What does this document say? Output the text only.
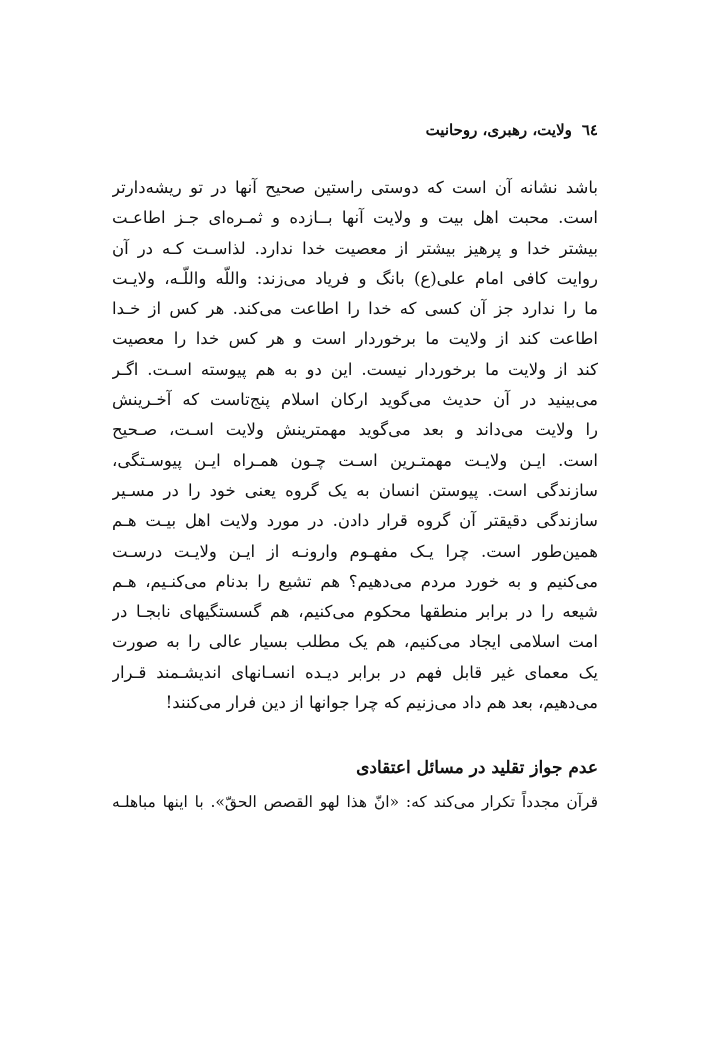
٦٤ولایت، رهبری، روحانیت
باشد نشانه آن است که دوستی راستین صحیح آنها در تو ریشه‌دارتر
است. محبت اهل بیت و ولایت آنها بــازده و ثمـره‌ای جـز اطاعـت
بیشتر خدا و پرهیز بیشتر از معصیت خدا ندارد. لذاسـت کـه در آن
روایت کافی امام علی(ع) بانگ و فریاد می‌زند: واللّه واللّـه، ولایـت
ما را ندارد جز آن کسی که خدا را اطاعت می‌کند. هر کس از خـدا
اطاعت کند از ولایت ما برخوردار است و هر کس خدا را معصیت
کند از ولایت ما برخوردار نیست. این دو به هم پیوسته اسـت. اگـر
می‌بینید در آن حدیث می‌گوید ارکان اسلام پنج‌تاست که آخـرینش
را ولایت می‌داند و بعد می‌گوید مهمترینش ولایت اسـت، صـحیح
است. ایـن ولایـت مهمتـرین اسـت چـون همـراه ایـن پیوسـتگی،
سازندگی است. پیوستن انسان به یک گروه یعنی خود را در مسـیر
سازندگی دقیقتر آن گروه قرار دادن. در مورد ولایت اهل بیـت هـم
همین‌طور است. چرا یـک مفهـوم وارونـه از ایـن ولایـت درسـت
می‌کنیم و به خورد مردم می‌دهیم؟ هم تشیع را بدنام می‌کنـیم، هـم
شیعه را در برابر منطقها محکوم می‌کنیم، هم گسستگیهای نابجـا در
امت اسلامی ایجاد می‌کنیم، هم یک مطلب بسیار عالی را به صورت
یک معمای غیر قابل فهم در برابر دیـده انسـانهای اندیشـمند قـرار
می‌دهیم، بعد هم داد می‌زنیم که چرا جوانها از دین فرار می‌کنند!
عدم جواز تقلید در مسائل اعتقادی
قرآن مجدداً تکرار می‌کند که: «انّ هذا لهو القصص الحقّ». با اینها مباهلـه
